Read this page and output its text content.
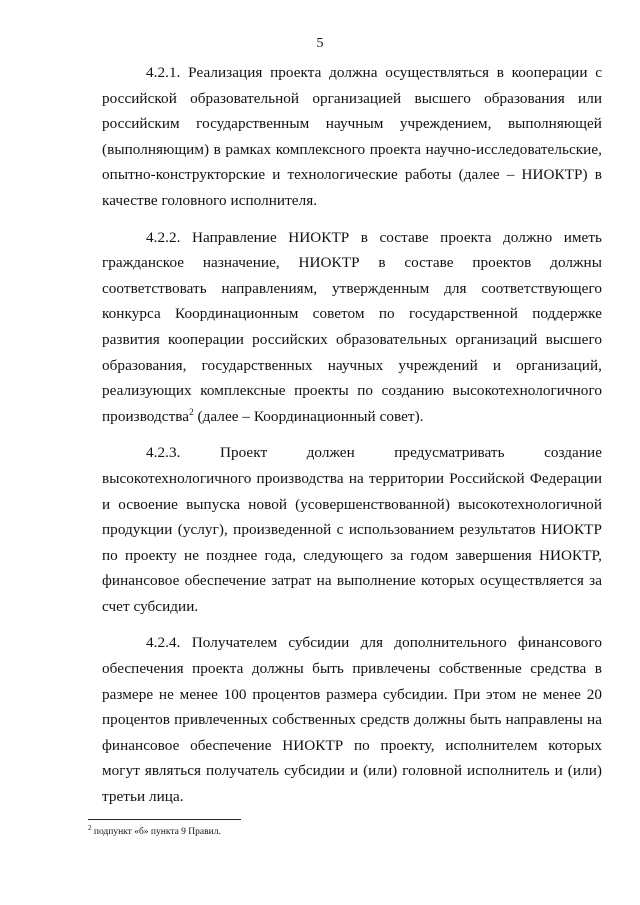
5

4.2.1. Реализация проекта должна осуществляться в кооперации с российской образовательной организацией высшего образования или российским государственным научным учреждением, выполняющей (выполняющим) в рамках комплексного проекта научно-исследовательские, опытно-конструкторские и технологические работы (далее – НИОКТР) в качестве головного исполнителя.

4.2.2. Направление НИОКТР в составе проекта должно иметь гражданское назначение, НИОКТР в составе проектов должны соответствовать направлениям, утвержденным для соответствующего конкурса Координационным советом по государственной поддержке развития кооперации российских образовательных организаций высшего образования, государственных научных учреждений и организаций, реализующих комплексные проекты по созданию высокотехнологичного производства$^2$ (далее – Координационный совет).

4.2.3. Проект должен предусматривать создание высокотехнологичного производства на территории Российской Федерации и освоение выпуска новой (усовершенствованной) высокотехнологичной продукции (услуг), произведенной с использованием результатов НИОКТР по проекту не позднее года, следующего за годом завершения НИОКТР, финансовое обеспечение затрат на выполнение которых осуществляется за счет субсидии.

4.2.4. Получателем субсидии для дополнительного финансового обеспечения проекта должны быть привлечены собственные средства в размере не менее 100 процентов размера субсидии. При этом не менее 20 процентов привлеченных собственных средств должны быть направлены на финансовое обеспечение НИОКТР по проекту, исполнителем которых могут являться получатель субсидии и (или) головной исполнитель и (или) третьи лица.

$^2$ подпункт «б» пункта 9 Правил.
